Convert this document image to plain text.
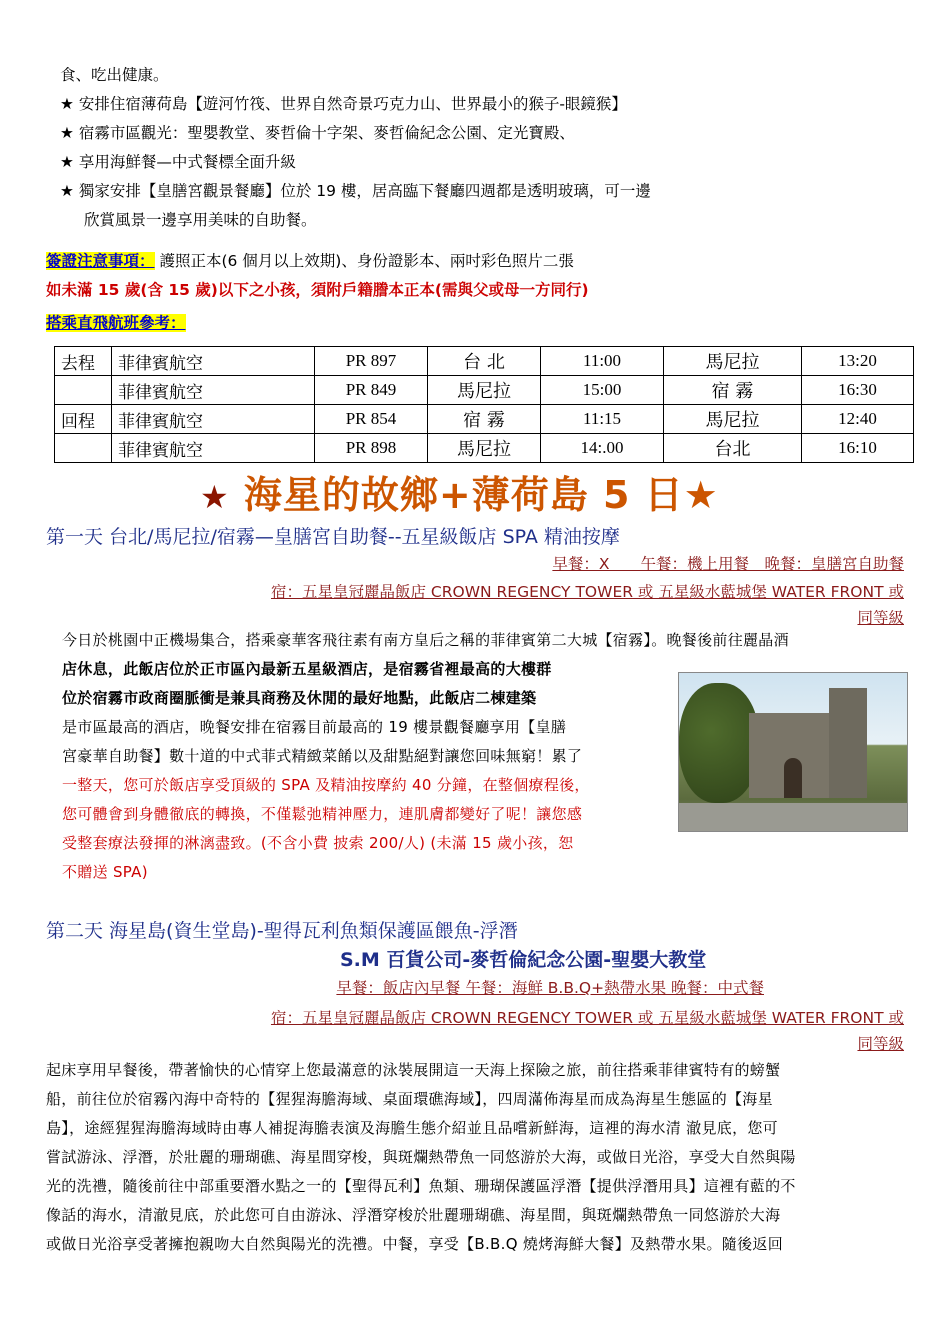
食、吃出健康。
★ 安排住宿薄荷島【遊河竹筏、世界自然奇景巧克力山、世界最小的猴子-眼鏡猴】
★ 宿霧市區觀光：聖嬰教堂、麥哲倫十字架、麥哲倫紀念公園、定光寶殿、
★ 享用海鮮餐—中式餐標全面升級
★ 獨家安排【皇膳宮觀景餐廳】位於 19 樓，居高臨下餐廳四週都是透明玻璃，可一邊
欣賞風景一邊享用美味的自助餐。
簽證注意事項： 護照正本(6 個月以上效期)、身份證影本、兩吋彩色照片二張
如未滿 15 歲(含 15 歲)以下之小孩，須附戶籍謄本正本(需與父或母一方同行)
搭乘直飛航班參考：
去程	菲律賓航空	PR 897	台 北	11:00	馬尼拉	13:20
	菲律賓航空	PR 849	馬尼拉	15:00	宿 霧	16:30
回程	菲律賓航空	PR 854	宿 霧	11:15	馬尼拉	12:40
	菲律賓航空	PR 898	馬尼拉	14:.00	台北	16:10
★ 海星的故鄉+薄荷島 5 日★
第一天 台北/馬尼拉/宿霧—皇膳宮自助餐--五星級飯店 SPA 精油按摩
早餐：X　　午餐：機上用餐　晚餐：皇膳宮自助餐
宿：五星皇冠麗晶飯店 CROWN REGENCY TOWER 或 五星級水藍城堡 WATER FRONT 或
同等級
今日於桃園中正機場集合，搭乘豪華客飛往素有南方皇后之稱的菲律賓第二大城【宿霧】。晚餐後前往麗晶酒
店休息，此飯店位於正市區內最新五星級酒店，是宿霧省裡最高的大樓群
位於宿霧市政商圈脈衝是兼具商務及休閒的最好地點，此飯店二棟建築
是市區最高的酒店，晚餐安排在宿霧目前最高的 19 樓景觀餐廳享用【皇膳
宮豪華自助餐】數十道的中式菲式精緻菜餚以及甜點絕對讓您回味無窮！累了
一整天，您可於飯店享受頂級的 SPA 及精油按摩約 40 分鐘，在整個療程後，
您可體會到身體徹底的轉換，不僅鬆弛精神壓力，連肌膚都變好了呢！讓您感
受整套療法發揮的淋漓盡致。(不含小費 披索 200/人) (未滿 15 歲小孩，恕
不贈送 SPA)
第二天 海星島(資生堂島)-聖得瓦利魚類保護區餵魚-浮潛
S.M 百貨公司-麥哲倫紀念公園-聖嬰大教堂
早餐：飯店內早餐 午餐：海鮮 B.B.Q+熱帶水果 晚餐：中式餐
宿：五星皇冠麗晶飯店 CROWN REGENCY TOWER 或 五星級水藍城堡 WATER FRONT 或
同等級
起床享用早餐後，帶著愉快的心情穿上您最滿意的泳裝展開這一天海上探險之旅，前往搭乘菲律賓特有的螃蟹
船，前往位於宿霧內海中奇特的【猩猩海膽海域、桌面環礁海域】，四周滿佈海星而成為海星生態區的【海星
島】，途經猩猩海膽海域時由專人補捉海膽表演及海膽生態介紹並且品嚐新鮮海，這裡的海水清 澈見底，您可
嘗試游泳、浮潛，於壯麗的珊瑚礁、海星間穿梭，與斑爛熱帶魚一同悠游於大海，或做日光浴，享受大自然與陽
光的洗禮，隨後前往中部重要潛水點之一的【聖得瓦利】魚類、珊瑚保護區浮潛【提供浮潛用具】這裡有藍的不
像話的海水，清澈見底，於此您可自由游泳、浮潛穿梭於壯麗珊瑚礁、海星間，與斑爛熱帶魚一同悠游於大海
或做日光浴享受著擁抱親吻大自然與陽光的洗禮。中餐，享受【B.B.Q 燒烤海鮮大餐】及熱帶水果。隨後返回
